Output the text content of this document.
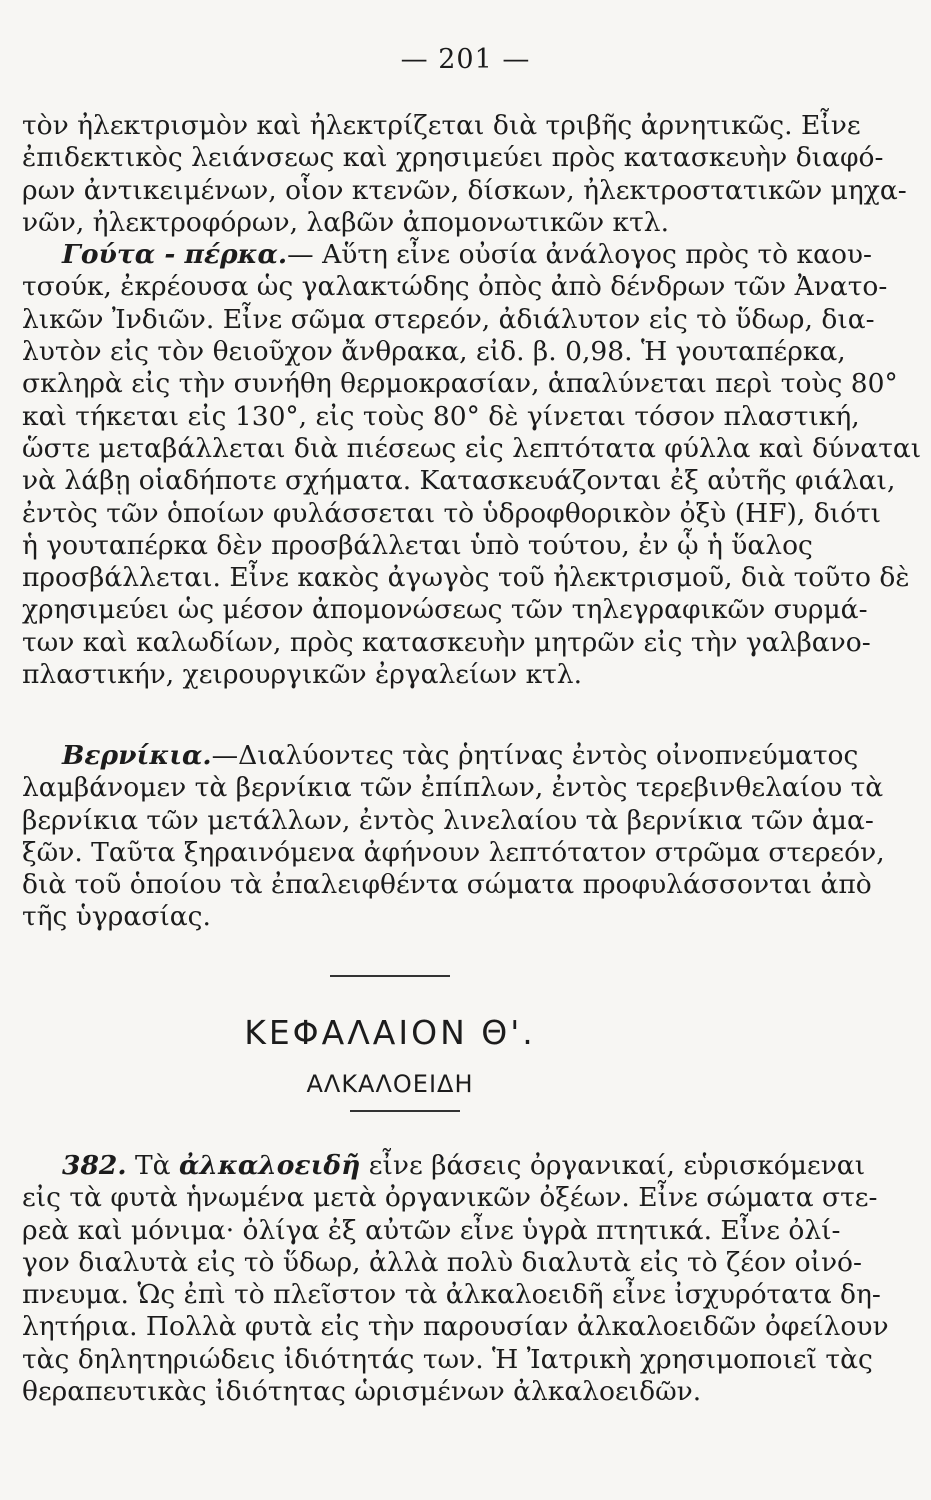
— 201 —
τὸν ἠλεκτρισμὸν καὶ ἠλεκτρίζεται διὰ τριβῆς ἀρνητικῶς. Εἶνε
ἐπιδεκτικὸς λειάνσεως καὶ χρησιμεύει πρὸς κατασκευὴν διαφό-
ρων ἀντικειμένων, οἷον κτενῶν, δίσκων, ἠλεκτροστατικῶν μηχα-
νῶν, ἠλεκτροφόρων, λαβῶν ἀπομονωτικῶν κτλ.
Γούτα - πέρκα.— Αὕτη εἶνε οὐσία ἀνάλογος πρὸς τὸ καου-
τσούκ, ἐκρέουσα ὡς γαλακτώδης ὀπὸς ἀπὸ δένδρων τῶν Ἀνατο-
λικῶν Ἰνδιῶν. Εἶνε σῶμα στερεόν, ἀδιάλυτον εἰς τὸ ὕδωρ, δια-
λυτὸν εἰς τὸν θειοῦχον ἄνθρακα, εἰδ. β. 0,98. Ἡ γουταπέρκα,
σκληρὰ εἰς τὴν συνήθη θερμοκρασίαν, ἁπαλύνεται περὶ τοὺς 80°
καὶ τήκεται εἰς 130°, εἰς τοὺς 80° δὲ γίνεται τόσον πλαστική,
ὥστε μεταβάλλεται διὰ πιέσεως εἰς λεπτότατα φύλλα καὶ δύναται
νὰ λάβῃ οἱαδήποτε σχήματα. Κατασκευάζονται ἐξ αὐτῆς φιάλαι,
ἐντὸς τῶν ὁποίων φυλάσσεται τὸ ὑδροφθορικὸν ὀξὺ (HF), διότι
ἡ γουταπέρκα δὲν προσβάλλεται ὑπὸ τούτου, ἐν ᾧ ἡ ὕαλος
προσβάλλεται. Εἶνε κακὸς ἀγωγὸς τοῦ ἠλεκτρισμοῦ, διὰ τοῦτο δὲ
χρησιμεύει ὡς μέσον ἀπομονώσεως τῶν τηλεγραφικῶν συρμά-
των καὶ καλωδίων, πρὸς κατασκευὴν μητρῶν εἰς τὴν γαλβανο-
πλαστικήν, χειρουργικῶν ἐργαλείων κτλ.
Βερνίκια.—Διαλύοντες τὰς ῥητίνας ἐντὸς οἰνοπνεύματος
λαμβάνομεν τὰ βερνίκια τῶν ἐπίπλων, ἐντὸς τερεβινθελαίου τὰ
βερνίκια τῶν μετάλλων, ἐντὸς λινελαίου τὰ βερνίκια τῶν ἁμα-
ξῶν. Ταῦτα ξηραινόμενα ἀφήνουν λεπτότατον στρῶμα στερεόν,
διὰ τοῦ ὁποίου τὰ ἐπαλειφθέντα σώματα προφυλάσσονται ἀπὸ
τῆς ὑγρασίας.
ΚΕΦΑΛΑΙΟΝ Θ'.
ΑΛΚΑΛΟΕΙΔΗ
382. Τὰ ἀλκαλοειδῆ εἶνε βάσεις ὀργανικαί, εὑρισκόμεναι
εἰς τὰ φυτὰ ἡνωμένα μετὰ ὀργανικῶν ὀξέων. Εἶνε σώματα στε-
ρεὰ καὶ μόνιμα· ὀλίγα ἐξ αὐτῶν εἶνε ὑγρὰ πτητικά. Εἶνε ὀλί-
γον διαλυτὰ εἰς τὸ ὕδωρ, ἀλλὰ πολὺ διαλυτὰ εἰς τὸ ζέον οἰνό-
πνευμα. Ὡς ἐπὶ τὸ πλεῖστον τὰ ἀλκαλοειδῆ εἶνε ἰσχυρότατα δη-
λητήρια. Πολλὰ φυτὰ εἰς τὴν παρουσίαν ἀλκαλοειδῶν ὀφείλουν
τὰς δηλητηριώδεις ἰδιότητάς των. Ἡ Ἰατρικὴ χρησιμοποιεῖ τὰς
θεραπευτικὰς ἰδιότητας ὡρισμένων ἀλκαλοειδῶν.
